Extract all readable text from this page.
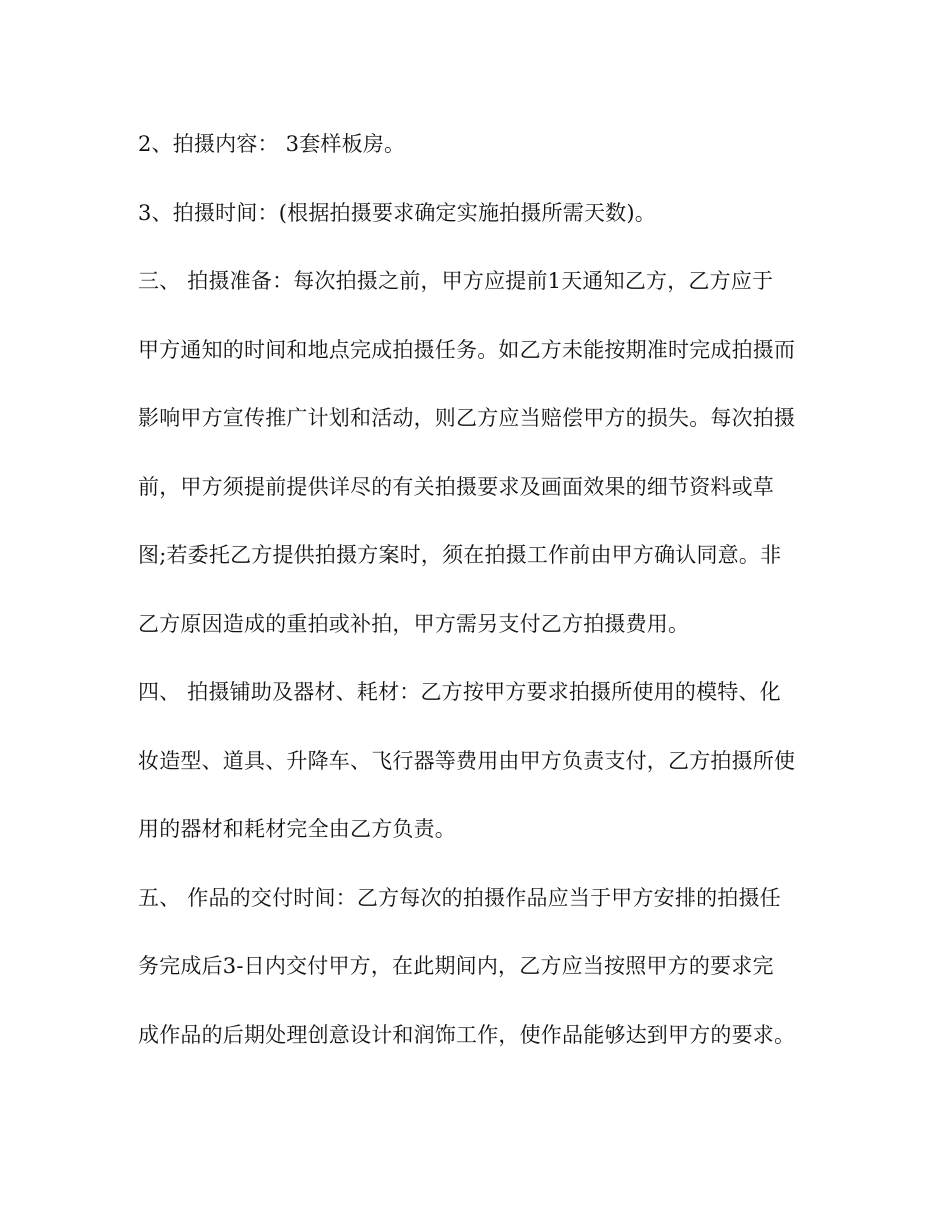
2、拍摄内容： 3套样板房。
3、拍摄时间：(根据拍摄要求确定实施拍摄所需天数)。
三、 拍摄准备：每次拍摄之前，甲方应提前1天通知乙方，乙方应于
甲方通知的时间和地点完成拍摄任务。如乙方未能按期准时完成拍摄而
影响甲方宣传推广计划和活动，则乙方应当赔偿甲方的损失。每次拍摄
前，甲方须提前提供详尽的有关拍摄要求及画面效果的细节资料或草
图;若委托乙方提供拍摄方案时，须在拍摄工作前由甲方确认同意。非
乙方原因造成的重拍或补拍，甲方需另支付乙方拍摄费用。
四、 拍摄铺助及器材、耗材：乙方按甲方要求拍摄所使用的模特、化
妆造型、道具、升降车、飞行器等费用由甲方负责支付，乙方拍摄所使
用的器材和耗材完全由乙方负责。
五、 作品的交付时间：乙方每次的拍摄作品应当于甲方安排的拍摄任
务完成后3-日内交付甲方，在此期间内，乙方应当按照甲方的要求完
成作品的后期处理创意设计和润饰工作，使作品能够达到甲方的要求。
